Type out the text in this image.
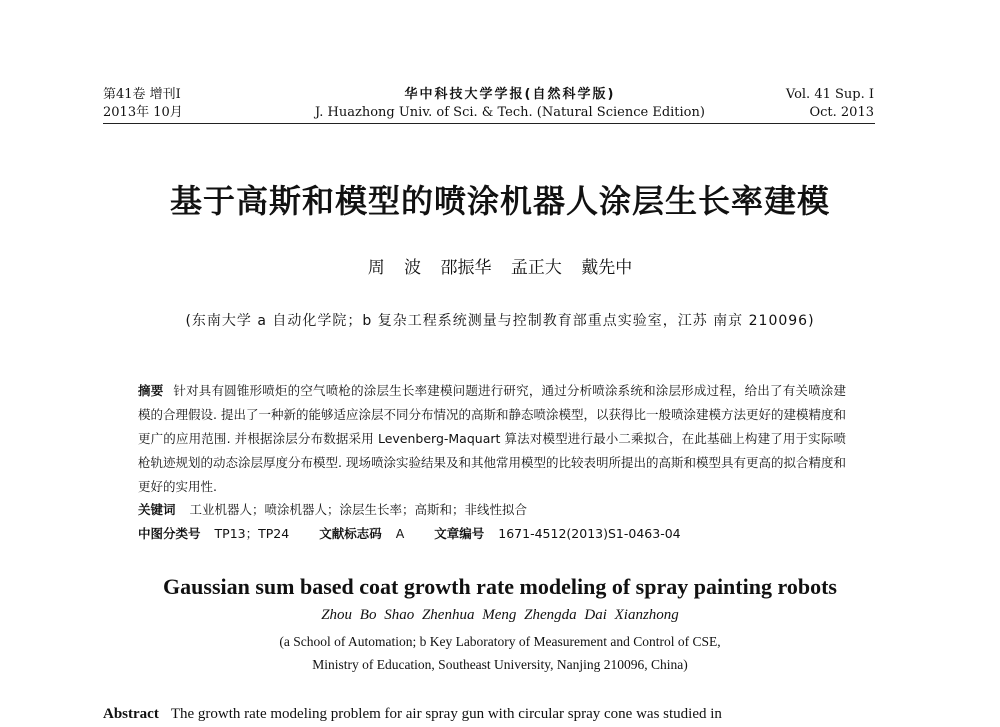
第41卷 增刊Ⅰ
2013年 10月
华中科技大学学报(自然科学版)
J. Huazhong Univ. of Sci. & Tech. (Natural Science Edition)
Vol. 41 Sup. Ⅰ
Oct. 2013
基于高斯和模型的喷涂机器人涂层生长率建模
周 波 邵振华 孟正大 戴先中
(东南大学 a 自动化学院；b 复杂工程系统测量与控制教育部重点实验室，江苏 南京 210096)
摘要 针对具有圆锥形喷炬的空气喷枪的涂层生长率建模问题进行研究，通过分析喷涂系统和涂层形成过程，给出了有关喷涂建模的合理假设. 提出了一种新的能够适应涂层不同分布情况的高斯和静态喷涂模型，以获得比一般喷涂建模方法更好的建模精度和更广的应用范围. 并根据涂层分布数据采用 Levenberg-Maquart 算法对模型进行最小二乘拟合，在此基础上构建了用于实际喷枪轨迹规划的动态涂层厚度分布模型. 现场喷涂实验结果及和其他常用模型的比较表明所提出的高斯和模型具有更高的拟合精度和更好的实用性.
关键词 工业机器人；喷涂机器人；涂层生长率；高斯和；非线性拟合
中图分类号 TP13；TP24 文献标志码 A 文章编号 1671-4512(2013)S1-0463-04
Gaussian sum based coat growth rate modeling of spray painting robots
Zhou Bo Shao Zhenhua Meng Zhengda Dai Xianzhong
(a School of Automation; b Key Laboratory of Measurement and Control of CSE,
Ministry of Education, Southeast University, Nanjing 210096, China)
Abstract The growth rate modeling problem for air spray gun with circular spray cone was studied in
